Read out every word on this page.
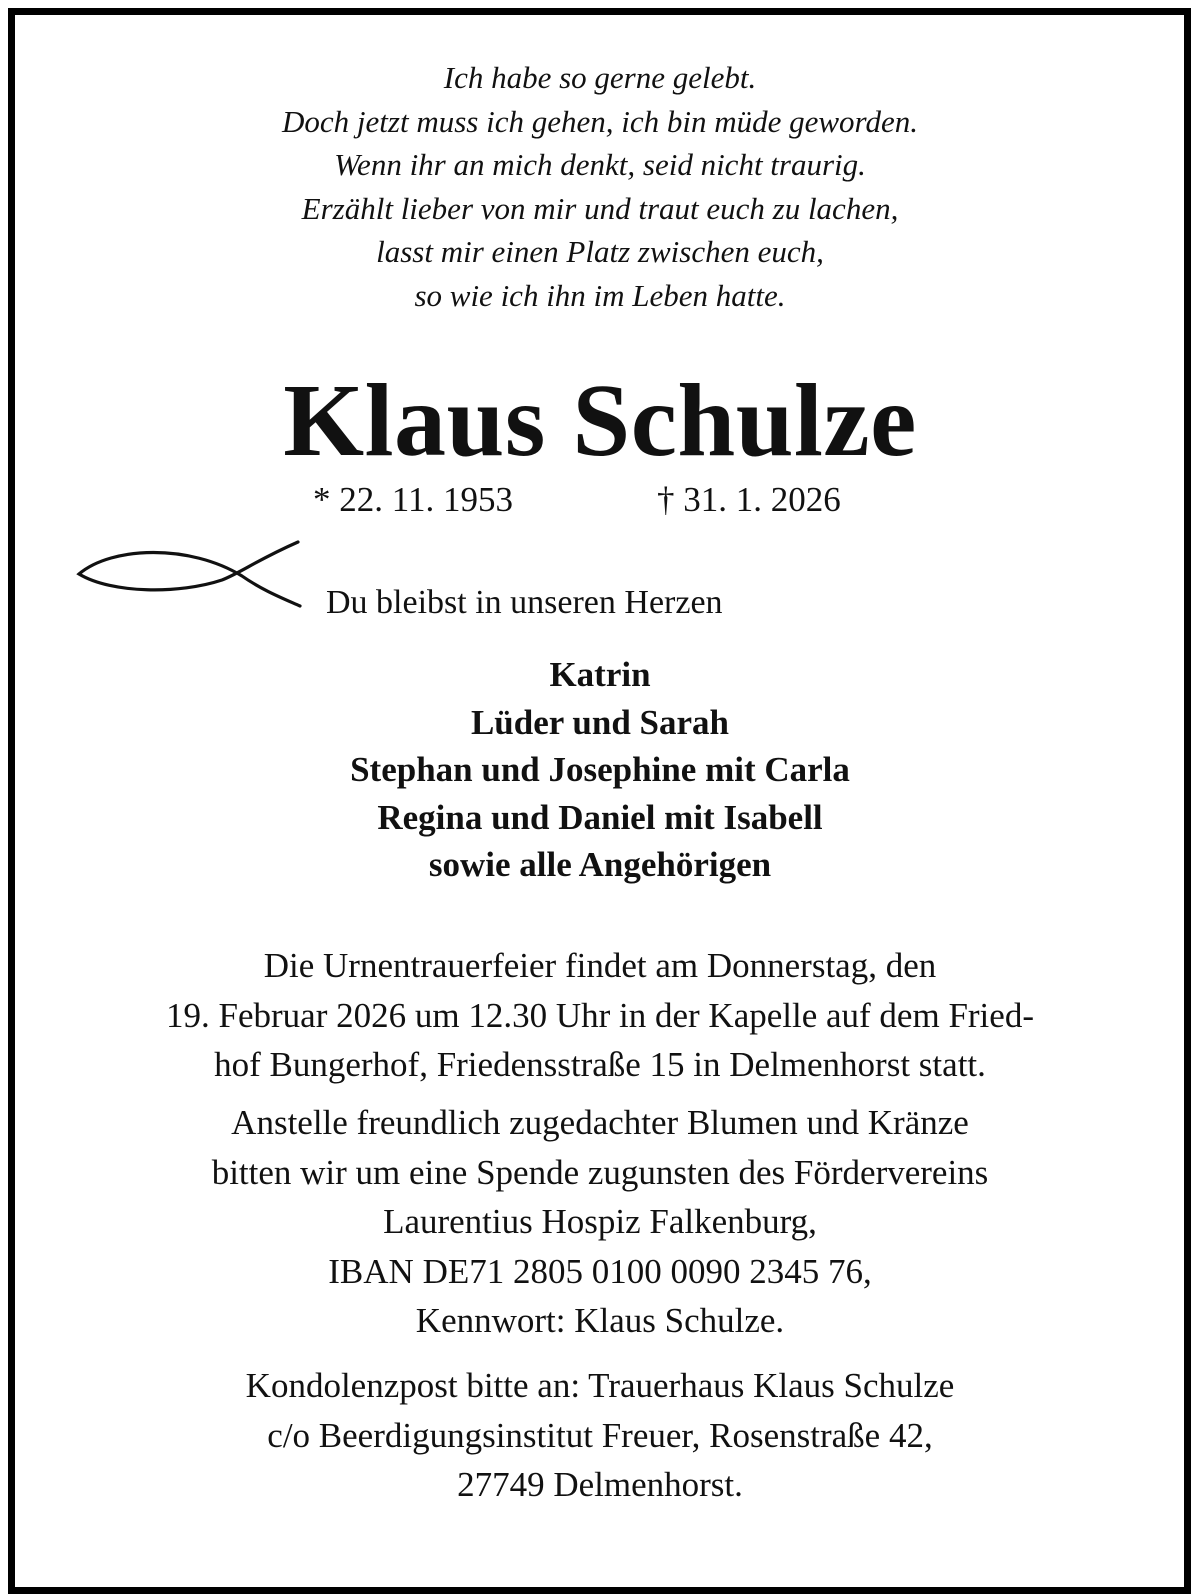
Ich habe so gerne gelebt.
Doch jetzt muss ich gehen, ich bin müde geworden.
Wenn ihr an mich denkt, seid nicht traurig.
Erzählt lieber von mir und traut euch zu lachen,
lasst mir einen Platz zwischen euch,
so wie ich ihn im Leben hatte.
Klaus Schulze
* 22. 11. 1953	† 31. 1. 2026
Du bleibst in unseren Herzen
Katrin
Lüder und Sarah
Stephan und Josephine mit Carla
Regina und Daniel mit Isabell
sowie alle Angehörigen
Die Urnentrauerfeier findet am Donnerstag, den
19. Februar 2026 um 12.30 Uhr in der Kapelle auf dem Fried-
hof Bungerhof, Friedensstraße 15 in Delmenhorst statt.
Anstelle freundlich zugedachter Blumen und Kränze
bitten wir um eine Spende zugunsten des Fördervereins
Laurentius Hospiz Falkenburg,
IBAN DE71 2805 0100 0090 2345 76,
Kennwort: Klaus Schulze.
Kondolenzpost bitte an: Trauerhaus Klaus Schulze
c/o Beerdigungsinstitut Freuer, Rosenstraße 42,
27749 Delmenhorst.
